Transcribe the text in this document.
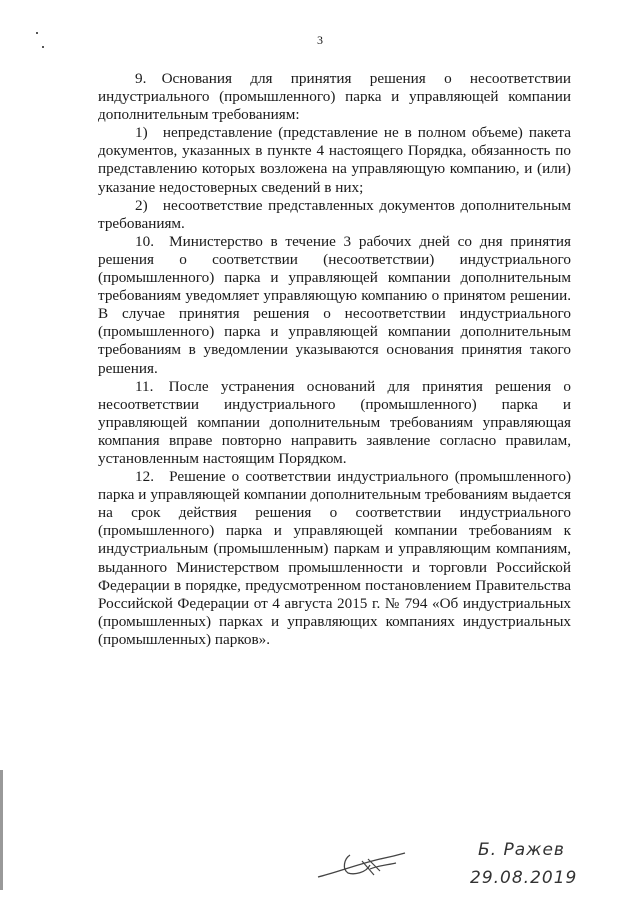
3

9. Основания для принятия решения о несоответствии индустриального (промышленного) парка и управляющей компании дополнительным требованиям:

1) непредставление (представление не в полном объеме) пакета документов, указанных в пункте 4 настоящего Порядка, обязанность по представлению которых возложена на управляющую компанию, и (или) указание недостоверных сведений в них;

2) несоответствие представленных документов дополнительным требованиям.

10. Министерство в течение 3 рабочих дней со дня принятия решения о соответствии (несоответствии) индустриального (промышленного) парка и управляющей компании дополнительным требованиям уведомляет управляющую компанию о принятом решении. В случае принятия решения о несоответствии индустриального (промышленного) парка и управляющей компании дополнительным требованиям в уведомлении указываются основания принятия такого решения.

11. После устранения оснований для принятия решения о несоответствии индустриального (промышленного) парка и управляющей компании дополнительным требованиям управляющая компания вправе повторно направить заявление согласно правилам, установленным настоящим Порядком.

12. Решение о соответствии индустриального (промышленного) парка и управляющей компании дополнительным требованиям выдается на срок действия решения о соответствии индустриального (промышленного) парка и управляющей компании требованиям к индустриальным (промышленным) паркам и управляющим компаниям, выданного Министерством промышленности и торговли Российской Федерации в порядке, предусмотренном постановлением Правительства Российской Федерации от 4 августа 2015 г. № 794 «Об индустриальных (промышленных) парках и управляющих компаниях индустриальных (промышленных) парков».

Б. Ражев
29.08.2019
